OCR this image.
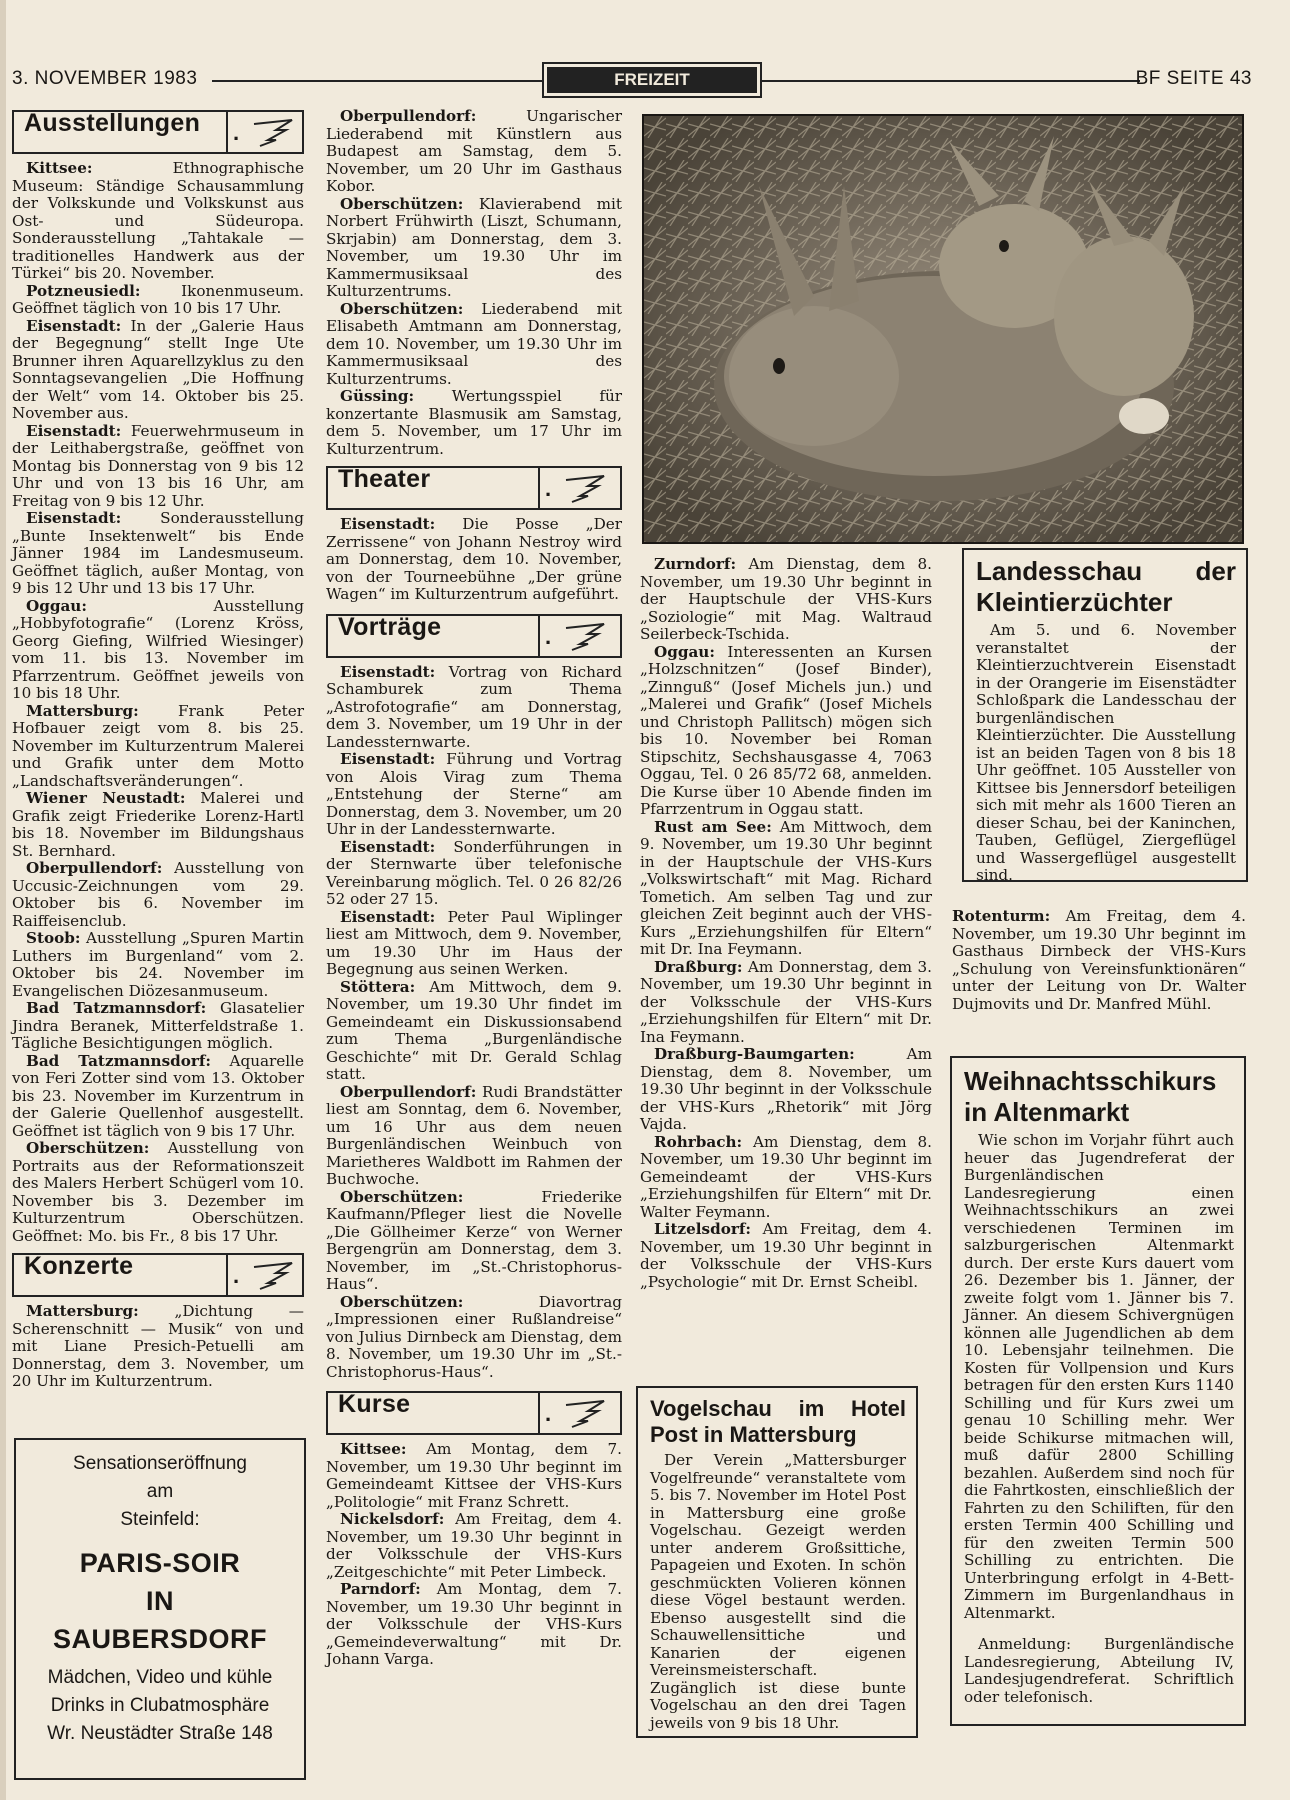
3. NOVEMBER 1983	FREIZEIT	BF SEITE 43
Ausstellungen .

Kittsee: Ethnographische Museum: Ständige Schausammlung der Volkskunde und Volkskunst aus Ost- und Südeuropa. Sonderausstellung „Tahtakale — traditionelles Handwerk aus der Türkei“ bis 20. November.

Potzneusiedl: Ikonenmuseum. Geöffnet täglich von 10 bis 17 Uhr.

Eisenstadt: In der „Galerie Haus der Begegnung“ stellt Inge Ute Brunner ihren Aquarellzyklus zu den Sonntagsevangelien „Die Hoffnung der Welt“ vom 14. Oktober bis 25. November aus.

Eisenstadt: Feuerwehrmuseum in der Leithabergstraße, geöffnet von Montag bis Donnerstag von 9 bis 12 Uhr und von 13 bis 16 Uhr, am Freitag von 9 bis 12 Uhr.

Eisenstadt: Sonderausstellung „Bunte Insektenwelt“ bis Ende Jänner 1984 im Landesmuseum. Geöffnet täglich, außer Montag, von 9 bis 12 Uhr und 13 bis 17 Uhr.

Oggau: Ausstellung „Hobbyfotografie“ (Lorenz Kröss, Georg Giefing, Wilfried Wiesinger) vom 11. bis 13. November im Pfarrzentrum. Geöffnet jeweils von 10 bis 18 Uhr.

Mattersburg: Frank Peter Hofbauer zeigt vom 8. bis 25. November im Kulturzentrum Malerei und Grafik unter dem Motto „Landschaftsveränderungen“.

Wiener Neustadt: Malerei und Grafik zeigt Friederike Lorenz-Hartl bis 18. November im Bildungshaus St. Bernhard.

Oberpullendorf: Ausstellung von Uccusic-Zeichnungen vom 29. Oktober bis 6. November im Raiffeisenclub.

Stoob: Ausstellung „Spuren Martin Luthers im Burgenland“ vom 2. Oktober bis 24. November im Evangelischen Diözesanmuseum.

Bad Tatzmannsdorf: Glasatelier Jindra Beranek, Mitterfeldstraße 1. Tägliche Besichtigungen möglich.

Bad Tatzmannsdorf: Aquarelle von Feri Zotter sind vom 13. Oktober bis 23. November im Kurzentrum in der Galerie Quellenhof ausgestellt. Geöffnet ist täglich von 9 bis 17 Uhr.

Oberschützen: Ausstellung von Portraits aus der Reformationszeit des Malers Herbert Schügerl vom 10. November bis 3. Dezember im Kulturzentrum Oberschützen. Geöffnet: Mo. bis Fr., 8 bis 17 Uhr.

Konzerte	.

Mattersburg: „Dichtung — Scherenschnitt — Musik“ von und mit Liane Presich-Petuelli am Donnerstag, dem 3. November, um 20 Uhr im Kulturzentrum.

Sensationseröffnung
am
Steinfeld:
PARIS-SOIR
IN
SAUBERSDORF
Mädchen, Video und kühle
Drinks in Clubatmosphäre
Wr. Neustädter Straße 148

Oberpullendorf: Ungarischer Liederabend mit Künstlern aus Budapest am Samstag, dem 5. November, um 20 Uhr im Gasthaus Kobor.

Oberschützen: Klavierabend mit Norbert Frühwirth (Liszt, Schumann, Skrjabin) am Donnerstag, dem 3. November, um 19.30 Uhr im Kammermusiksaal des Kulturzentrums.

Oberschützen: Liederabend mit Elisabeth Amtmann am Donnerstag, dem 10. November, um 19.30 Uhr im Kammermusiksaal des Kulturzentrums.

Güssing: Wertungsspiel für konzertante Blasmusik am Samstag, dem 5. November, um 17 Uhr im Kulturzentrum.

Theater	.

Eisenstadt: Die Posse „Der Zerrissene“ von Johann Nestroy wird am Donnerstag, dem 10. November, von der Tourneebühne „Der grüne Wagen“ im Kulturzentrum aufgeführt.

Vorträge	.

Eisenstadt: Vortrag von Richard Schamburek zum Thema „Astrofotografie“ am Donnerstag, dem 3. November, um 19 Uhr in der Landessternwarte.

Eisenstadt: Führung und Vortrag von Alois Virag zum Thema „Entstehung der Sterne“ am Donnerstag, dem 3. November, um 20 Uhr in der Landessternwarte.

Eisenstadt: Sonderführungen in der Sternwarte über telefonische Vereinbarung möglich. Tel. 0 26 82/26 52 oder 27 15.

Eisenstadt: Peter Paul Wiplinger liest am Mittwoch, dem 9. November, um 19.30 Uhr im Haus der Begegnung aus seinen Werken.

Stöttera: Am Mittwoch, dem 9. November, um 19.30 Uhr findet im Gemeindeamt ein Diskussionsabend zum Thema „Burgenländische Geschichte“ mit Dr. Gerald Schlag statt.

Oberpullendorf: Rudi Brandstätter liest am Sonntag, dem 6. November, um 16 Uhr aus dem neuen Burgenländischen Weinbuch von Marietheres Waldbott im Rahmen der Buchwoche.

Oberschützen: Friederike Kaufmann/Pfleger liest die Novelle „Die Göllheimer Kerze“ von Werner Bergengrün am Donnerstag, dem 3. November, im „St.-Christophorus-Haus“.

Oberschützen: Diavortrag „Impressionen einer Rußlandreise“ von Julius Dirnbeck am Dienstag, dem 8. November, um 19.30 Uhr im „St.-Christophorus-Haus“.

Kurse	.

Kittsee: Am Montag, dem 7. November, um 19.30 Uhr beginnt im Gemeindeamt Kittsee der VHS-Kurs „Politologie“ mit Franz Schrett.

Nickelsdorf: Am Freitag, dem 4. November, um 19.30 Uhr beginnt in der Volksschule der VHS-Kurs „Zeitgeschichte“ mit Peter Limbeck.

Parndorf: Am Montag, dem 7. November, um 19.30 Uhr beginnt in der Volksschule der VHS-Kurs „Gemeindeverwaltung“ mit Dr. Johann Varga.

Zurndorf: Am Dienstag, dem 8. November, um 19.30 Uhr beginnt in der Hauptschule der VHS-Kurs „Soziologie“ mit Mag. Waltraud Seilerbeck-Tschida.

Oggau: Interessenten an Kursen „Holzschnitzen“ (Josef Binder), „Zinnguß“ (Josef Michels jun.) und „Malerei und Grafik“ (Josef Michels und Christoph Pallitsch) mögen sich bis 10. November bei Roman Stipschitz, Sechshausgasse 4, 7063 Oggau, Tel. 0 26 85/72 68, anmelden. Die Kurse über 10 Abende finden im Pfarrzentrum in Oggau statt.

Rust am See: Am Mittwoch, dem 9. November, um 19.30 Uhr beginnt in der Hauptschule der VHS-Kurs „Volkswirtschaft“ mit Mag. Richard Tometich. Am selben Tag und zur gleichen Zeit beginnt auch der VHS-Kurs „Erziehungshilfen für Eltern“ mit Dr. Ina Feymann.

Draßburg: Am Donnerstag, dem 3. November, um 19.30 Uhr beginnt in der Volksschule der VHS-Kurs „Erziehungshilfen für Eltern“ mit Dr. Ina Feymann.

Draßburg-Baumgarten: Am Dienstag, dem 8. November, um 19.30 Uhr beginnt in der Volksschule der VHS-Kurs „Rhetorik“ mit Jörg Vajda.

Rohrbach: Am Dienstag, dem 8. November, um 19.30 Uhr beginnt im Gemeindeamt der VHS-Kurs „Erziehungshilfen für Eltern“ mit Dr. Walter Feymann.

Litzelsdorf: Am Freitag, dem 4. November, um 19.30 Uhr beginnt in der Volksschule der VHS-Kurs „Psychologie“ mit Dr. Ernst Scheibl.

Vogelschau im Hotel Post in Mattersburg

Der Verein „Mattersburger Vogelfreunde“ veranstaltete vom 5. bis 7. November im Hotel Post in Mattersburg eine große Vogelschau. Gezeigt werden unter anderem Großsittiche, Papageien und Exoten. In schön geschmückten Volieren können diese Vögel bestaunt werden. Ebenso ausgestellt sind die Schauwellensittiche und Kanarien der eigenen Vereinsmeisterschaft. Zugänglich ist diese bunte Vogelschau an den drei Tagen jeweils von 9 bis 18 Uhr.

Landesschau der Kleintierzüchter

Am 5. und 6. November veranstaltet der Kleintierzuchtverein Eisenstadt in der Orangerie im Eisenstädter Schloßpark die Landesschau der burgenländischen Kleintierzüchter. Die Ausstellung ist an beiden Tagen von 8 bis 18 Uhr geöffnet. 105 Aussteller von Kittsee bis Jennersdorf beteiligen sich mit mehr als 1600 Tieren an dieser Schau, bei der Kaninchen, Tauben, Geflügel, Ziergeflügel und Wassergeflügel ausgestellt sind.

Rotenturm: Am Freitag, dem 4. November, um 19.30 Uhr beginnt im Gasthaus Dirnbeck der VHS-Kurs „Schulung von Vereinsfunktionären“ unter der Leitung von Dr. Walter Dujmovits und Dr. Manfred Mühl.

Weihnachtsschikurs in Altenmarkt

Wie schon im Vorjahr führt auch heuer das Jugendreferat der Burgenländischen Landesregierung einen Weihnachtsschikurs an zwei verschiedenen Terminen im salzburgerischen Altenmarkt durch. Der erste Kurs dauert vom 26. Dezember bis 1. Jänner, der zweite folgt vom 1. Jänner bis 7. Jänner. An diesem Schivergnügen können alle Jugendlichen ab dem 10. Lebensjahr teilnehmen. Die Kosten für Vollpension und Kurs betragen für den ersten Kurs 1140 Schilling und für Kurs zwei um genau 10 Schilling mehr. Wer beide Schikurse mitmachen will, muß dafür 2800 Schilling bezahlen. Außerdem sind noch für die Fahrtkosten, einschließlich der Fahrten zu den Schiliften, für den ersten Termin 400 Schilling und für den zweiten Termin 500 Schilling zu entrichten. Die Unterbringung erfolgt in 4-Bett-Zimmern im Burgenlandhaus in Altenmarkt.

Anmeldung: Burgenländische Landesregierung, Abteilung IV, Landesjugendreferat. Schriftlich oder telefonisch.
